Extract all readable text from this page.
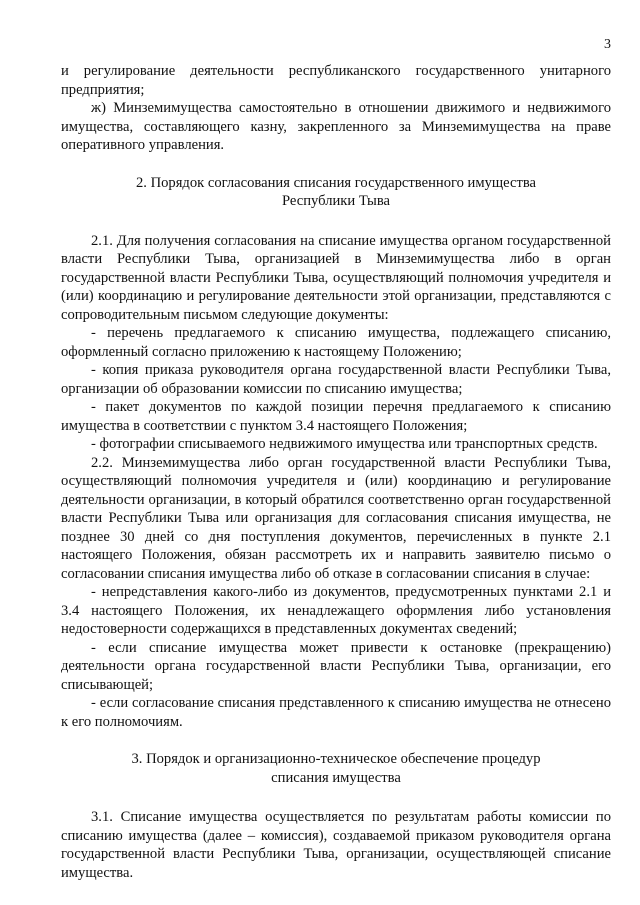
3

и регулирование деятельности республиканского государственного унитарного предприятия;

ж) Минземимущества самостоятельно в отношении движимого и недвижимого имущества, составляющего казну, закрепленного за Минземимущества на праве оперативного управления.

2. Порядок согласования списания государственного имущества
Республики Тыва

2.1. Для получения согласования на списание имущества органом государственной власти Республики Тыва, организацией в Минземимущества либо в орган государственной власти Республики Тыва, осуществляющий полномочия учредителя и (или) координацию и регулирование деятельности этой организации, представляются с сопроводительным письмом следующие документы:

- перечень предлагаемого к списанию имущества, подлежащего списанию, оформленный согласно приложению к настоящему Положению;

- копия приказа руководителя органа государственной власти Республики Тыва, организации об образовании комиссии по списанию имущества;

- пакет документов по каждой позиции перечня предлагаемого к списанию имущества в соответствии с пунктом 3.4 настоящего Положения;

- фотографии списываемого недвижимого имущества или транспортных средств.

2.2. Минземимущества либо орган государственной власти Республики Тыва, осуществляющий полномочия учредителя и (или) координацию и регулирование деятельности организации, в который обратился соответственно орган государственной власти Республики Тыва или организация для согласования списания имущества, не позднее 30 дней со дня поступления документов, перечисленных в пункте 2.1 настоящего Положения, обязан рассмотреть их и направить заявителю письмо о согласовании списания имущества либо об отказе в согласовании списания в случае:

- непредставления какого-либо из документов, предусмотренных пунктами 2.1 и 3.4 настоящего Положения, их ненадлежащего оформления либо установления недостоверности содержащихся в представленных документах сведений;

- если списание имущества может привести к остановке (прекращению) деятельности органа государственной власти Республики Тыва, организации, его списывающей;

- если согласование списания представленного к списанию имущества не отнесено к его полномочиям.

3. Порядок и организационно-техническое обеспечение процедур
списания имущества

3.1. Списание имущества осуществляется по результатам работы комиссии по списанию имущества (далее – комиссия), создаваемой приказом руководителя органа государственной власти Республики Тыва, организации, осуществляющей списание имущества.
